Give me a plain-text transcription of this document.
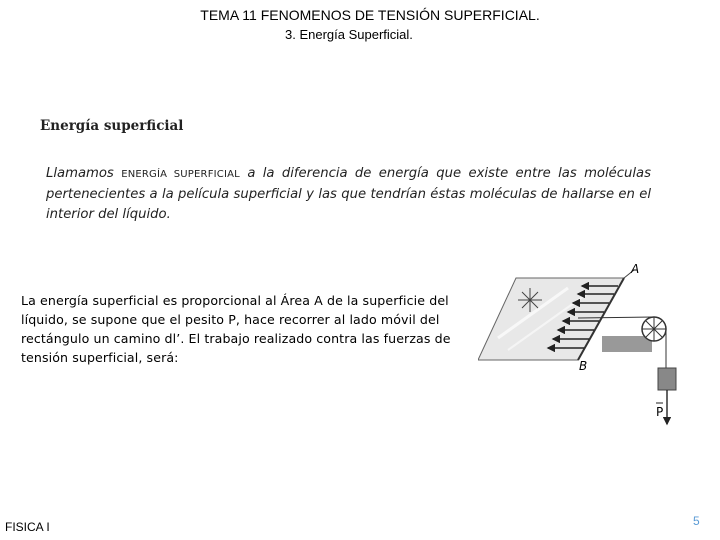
TEMA 11 FENOMENOS DE TENSIÓN SUPERFICIAL.
3. Energía Superficial.
Energía superficial
Llamamos ENERGÍA SUPERFICIAL a la diferencia de energía que existe entre las moléculas pertenecientes a la película superficial y las que tendrían éstas moléculas de hallarse en el interior del líquido.
La energía superficial es proporcional al Área A de la superficie del líquido, se supone que el pesito P, hace recorrer al lado móvil del rectángulo un camino dl’. El trabajo realizado contra las fuerzas de tensión superficial, será:
A
B
P
FISICA I	5
